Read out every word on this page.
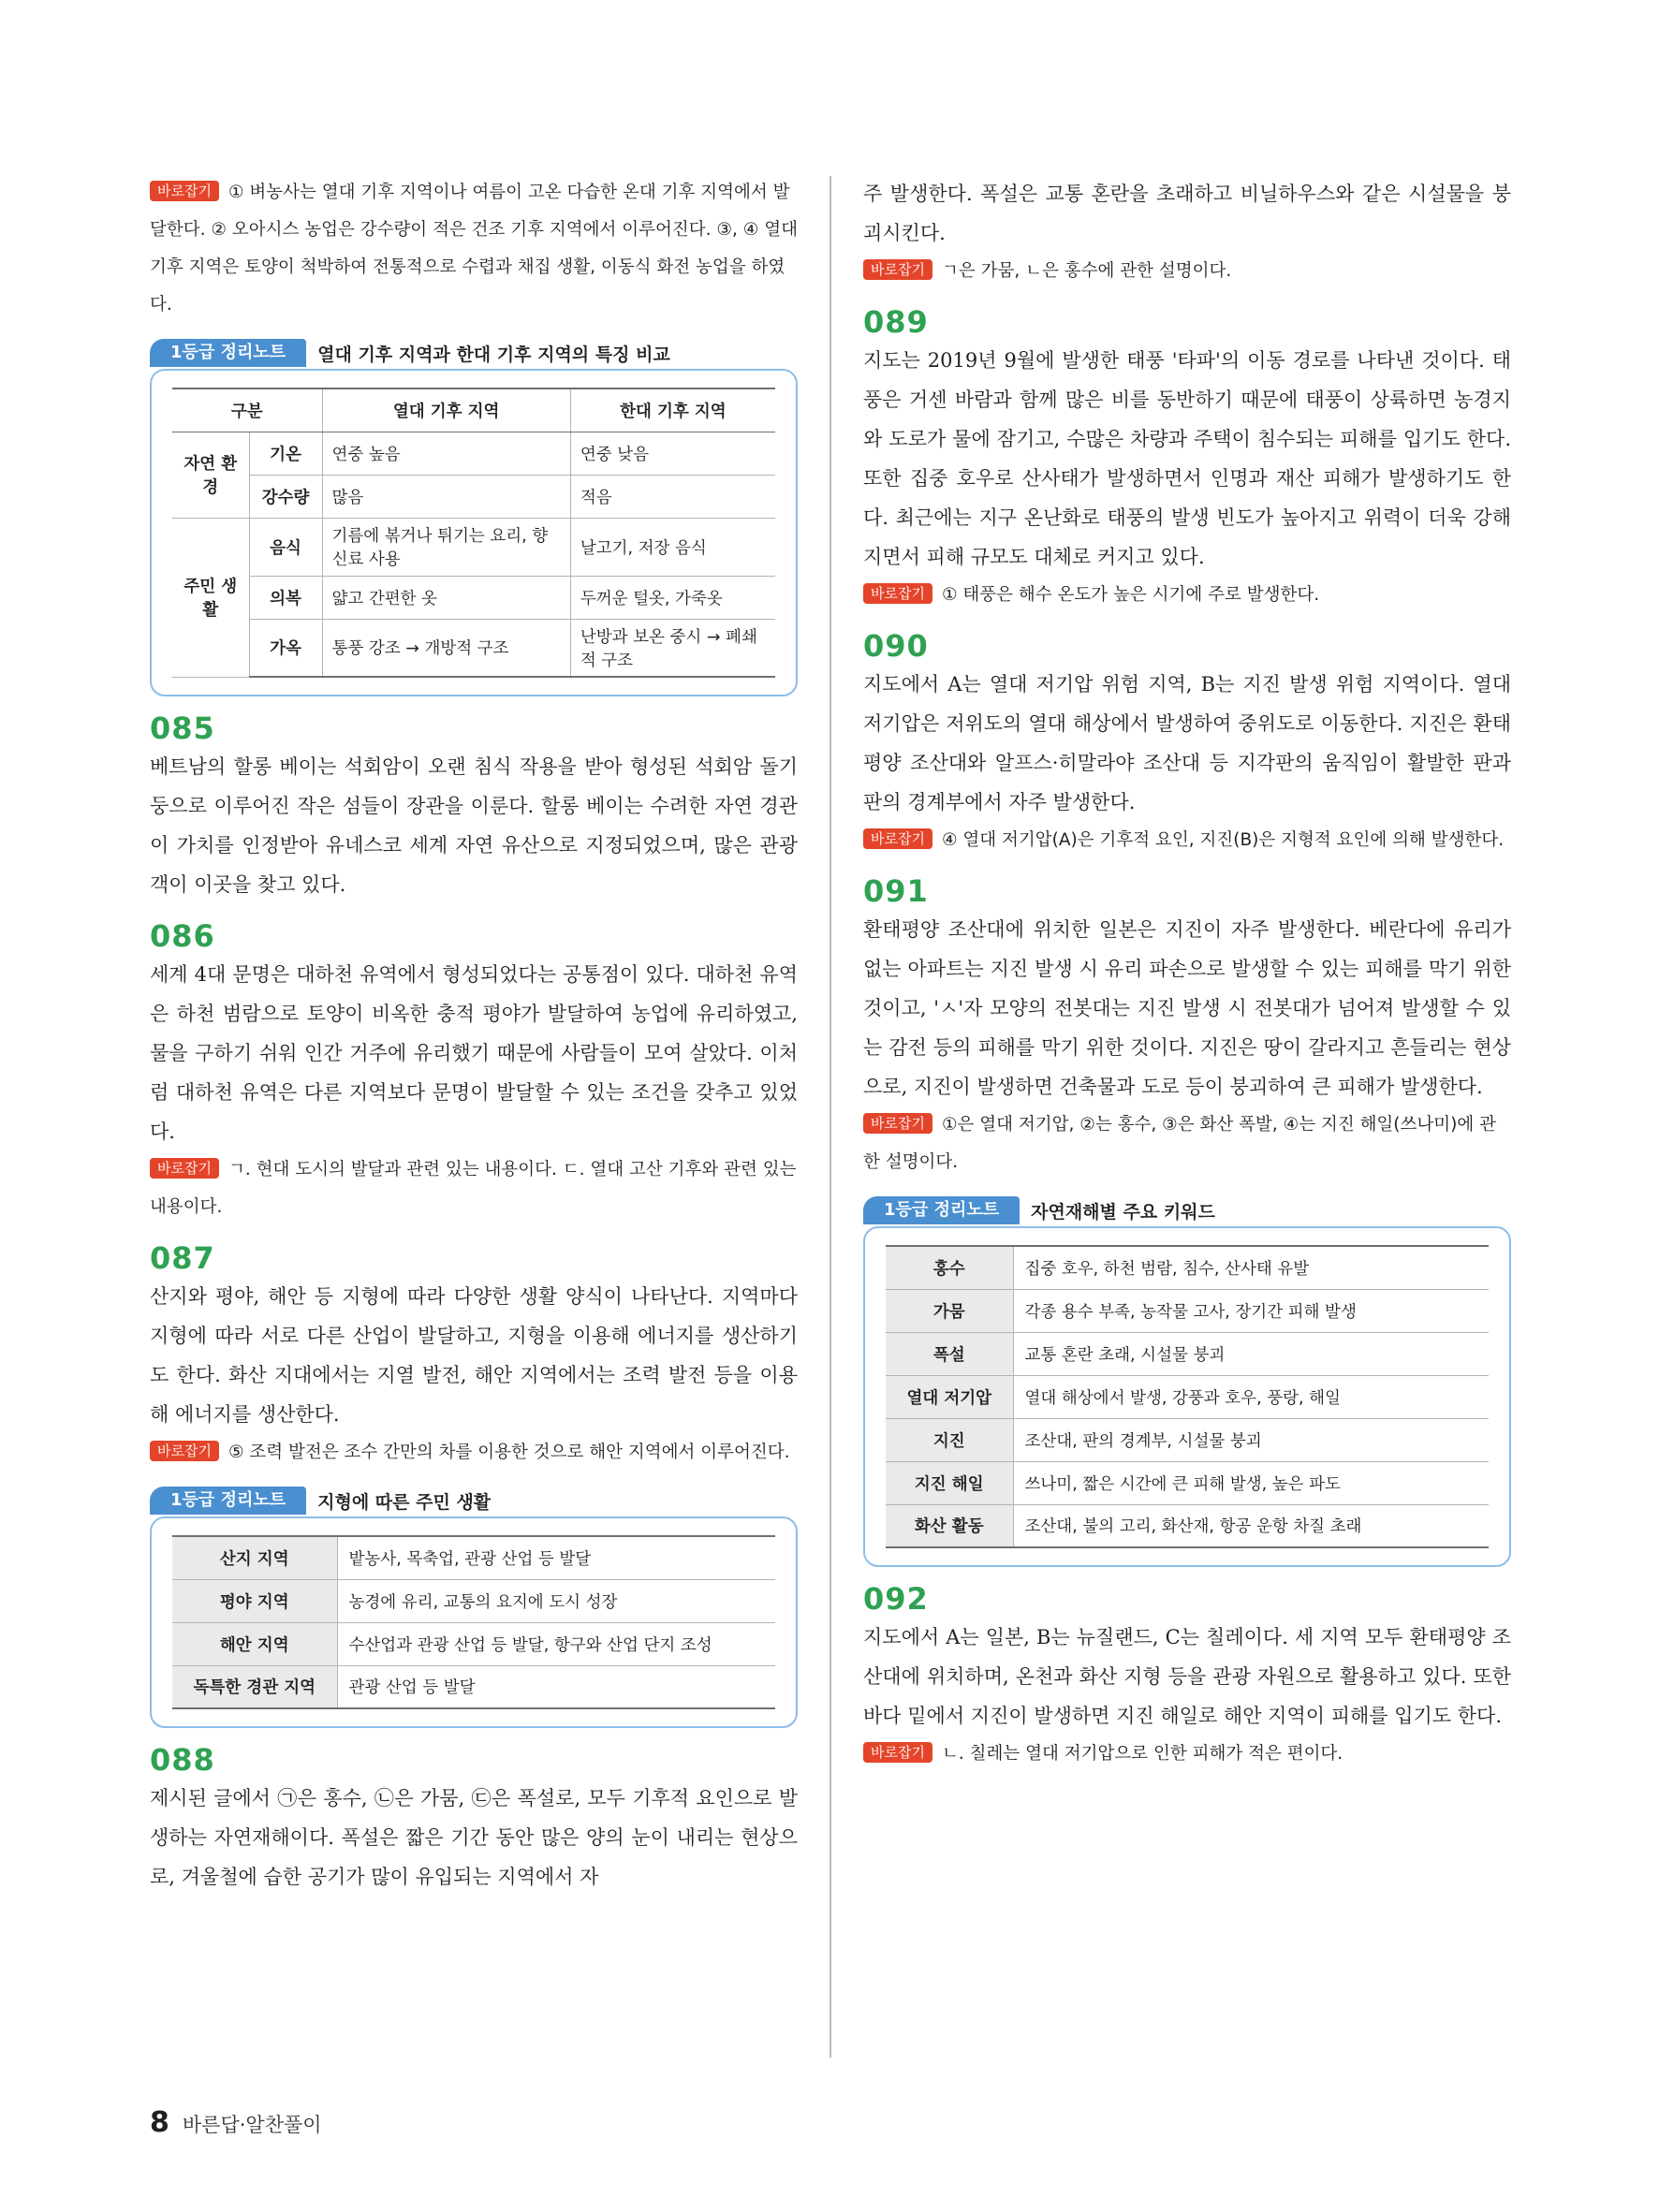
바로잡기 ① 벼농사는 열대 기후 지역이나 여름이 고온 다습한 온대 기후 지역에서 발달한다. ② 오아시스 농업은 강수량이 적은 건조 기후 지역에서 이루어진다. ③, ④ 열대 기후 지역은 토양이 척박하여 전통적으로 수렵과 채집 생활, 이동식 화전 농업을 하였다.

1등급 정리노트	열대 기후 지역과 한대 기후 지역의 특징 비교
구분		열대 기후 지역	한대 기후 지역
자연 환경	기온	연중 높음	연중 낮음
	강수량	많음	적음
주민 생활	음식	기름에 볶거나 튀기는 요리, 향신료 사용	날고기, 저장 음식
	의복	얇고 간편한 옷	두꺼운 털옷, 가죽옷
	가옥	통풍 강조 → 개방적 구조	난방과 보온 중시 → 폐쇄적 구조
085

베트남의 할롱 베이는 석회암이 오랜 침식 작용을 받아 형성된 석회암 돌기둥으로 이루어진 작은 섬들이 장관을 이룬다. 할롱 베이는 수려한 자연 경관이 가치를 인정받아 유네스코 세계 자연 유산으로 지정되었으며, 많은 관광객이 이곳을 찾고 있다.

086

세계 4대 문명은 대하천 유역에서 형성되었다는 공통점이 있다. 대하천 유역은 하천 범람으로 토양이 비옥한 충적 평야가 발달하여 농업에 유리하였고, 물을 구하기 쉬워 인간 거주에 유리했기 때문에 사람들이 모여 살았다. 이처럼 대하천 유역은 다른 지역보다 문명이 발달할 수 있는 조건을 갖추고 있었다.

바로잡기 ㄱ. 현대 도시의 발달과 관련 있는 내용이다. ㄷ. 열대 고산 기후와 관련 있는 내용이다.

087

산지와 평야, 해안 등 지형에 따라 다양한 생활 양식이 나타난다. 지역마다 지형에 따라 서로 다른 산업이 발달하고, 지형을 이용해 에너지를 생산하기도 한다. 화산 지대에서는 지열 발전, 해안 지역에서는 조력 발전 등을 이용해 에너지를 생산한다.

바로잡기 ⑤ 조력 발전은 조수 간만의 차를 이용한 것으로 해안 지역에서 이루어진다.

1등급 정리노트	지형에 따른 주민 생활
산지 지역	밭농사, 목축업, 관광 산업 등 발달
평야 지역	농경에 유리, 교통의 요지에 도시 성장
해안 지역	수산업과 관광 산업 등 발달, 항구와 산업 단지 조성
독특한 경관 지역	관광 산업 등 발달
088

제시된 글에서 ㉠은 홍수, ㉡은 가뭄, ㉢은 폭설로, 모두 기후적 요인으로 발생하는 자연재해이다. 폭설은 짧은 기간 동안 많은 양의 눈이 내리는 현상으로, 겨울철에 습한 공기가 많이 유입되는 지역에서 자

주 발생한다. 폭설은 교통 혼란을 초래하고 비닐하우스와 같은 시설물을 붕괴시킨다.

바로잡기 ㄱ은 가뭄, ㄴ은 홍수에 관한 설명이다.

089

지도는 2019년 9월에 발생한 태풍 '타파'의 이동 경로를 나타낸 것이다. 태풍은 거센 바람과 함께 많은 비를 동반하기 때문에 태풍이 상륙하면 농경지와 도로가 물에 잠기고, 수많은 차량과 주택이 침수되는 피해를 입기도 한다. 또한 집중 호우로 산사태가 발생하면서 인명과 재산 피해가 발생하기도 한다. 최근에는 지구 온난화로 태풍의 발생 빈도가 높아지고 위력이 더욱 강해지면서 피해 규모도 대체로 커지고 있다.

바로잡기 ① 태풍은 해수 온도가 높은 시기에 주로 발생한다.

090

지도에서 A는 열대 저기압 위험 지역, B는 지진 발생 위험 지역이다. 열대 저기압은 저위도의 열대 해상에서 발생하여 중위도로 이동한다. 지진은 환태평양 조산대와 알프스·히말라야 조산대 등 지각판의 움직임이 활발한 판과 판의 경계부에서 자주 발생한다.

바로잡기 ④ 열대 저기압(A)은 기후적 요인, 지진(B)은 지형적 요인에 의해 발생한다.

091

환태평양 조산대에 위치한 일본은 지진이 자주 발생한다. 베란다에 유리가 없는 아파트는 지진 발생 시 유리 파손으로 발생할 수 있는 피해를 막기 위한 것이고, 'ㅅ'자 모양의 전봇대는 지진 발생 시 전봇대가 넘어져 발생할 수 있는 감전 등의 피해를 막기 위한 것이다. 지진은 땅이 갈라지고 흔들리는 현상으로, 지진이 발생하면 건축물과 도로 등이 붕괴하여 큰 피해가 발생한다.

바로잡기 ①은 열대 저기압, ②는 홍수, ③은 화산 폭발, ④는 지진 해일(쓰나미)에 관한 설명이다.

1등급 정리노트	자연재해별 주요 키워드
홍수	집중 호우, 하천 범람, 침수, 산사태 유발
가뭄	각종 용수 부족, 농작물 고사, 장기간 피해 발생
폭설	교통 혼란 초래, 시설물 붕괴
열대 저기압	열대 해상에서 발생, 강풍과 호우, 풍랑, 해일
지진	조산대, 판의 경계부, 시설물 붕괴
지진 해일	쓰나미, 짧은 시간에 큰 피해 발생, 높은 파도
화산 활동	조산대, 불의 고리, 화산재, 항공 운항 차질 초래
092

지도에서 A는 일본, B는 뉴질랜드, C는 칠레이다. 세 지역 모두 환태평양 조산대에 위치하며, 온천과 화산 지형 등을 관광 자원으로 활용하고 있다. 또한 바다 밑에서 지진이 발생하면 지진 해일로 해안 지역이 피해를 입기도 한다.

바로잡기 ㄴ. 칠레는 열대 저기압으로 인한 피해가 적은 편이다.

8 바른답·알찬풀이
